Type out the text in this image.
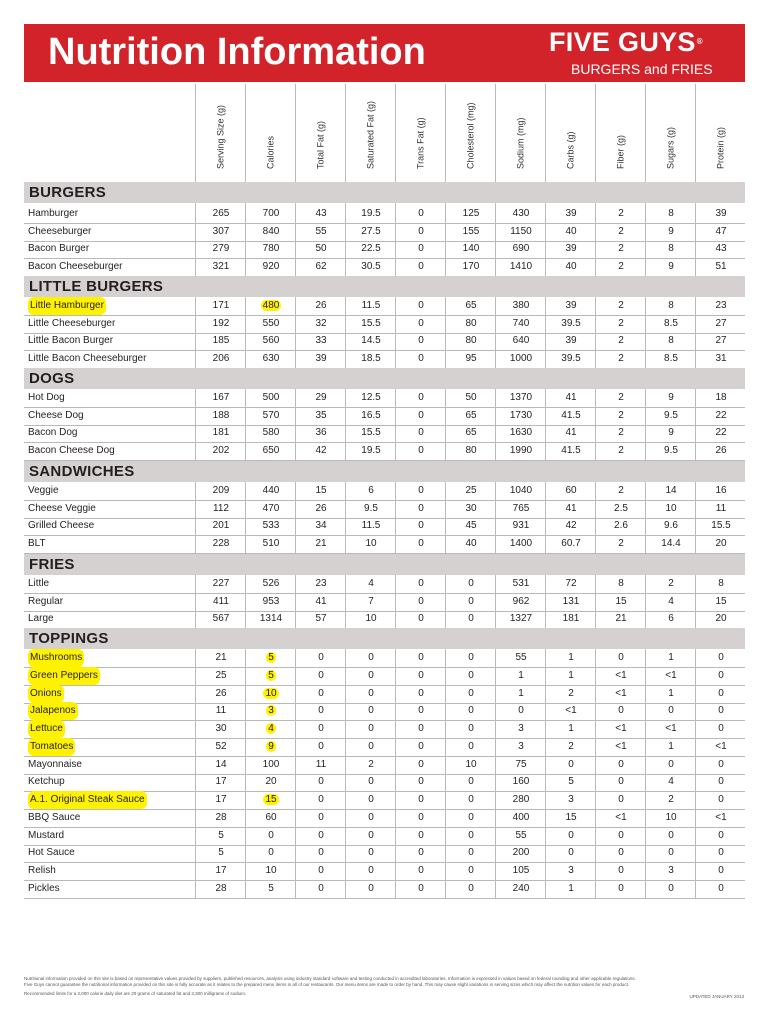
Nutrition Information	FIVE GUYS®
BURGERS and FRIES
Serving Size (g)	Calories	Total Fat (g)	Saturated Fat (g)	Trans Fat (g)	Cholesterol (mg)	Sodium (mg)	Carbs (g)	Fiber (g)	Sugars (g)	Protein (g)
BURGERS
Hamburger	265	700	43	19.5	0	125	430	39	2	8	39
Cheeseburger	307	840	55	27.5	0	155	1150	40	2	9	47
Bacon Burger	279	780	50	22.5	0	140	690	39	2	8	43
Bacon Cheeseburger	321	920	62	30.5	0	170	1410	40	2	9	51
LITTLE BURGERS
Little Hamburger	171	480	26	11.5	0	65	380	39	2	8	23
Little Cheeseburger	192	550	32	15.5	0	80	740	39.5	2	8.5	27
Little Bacon Burger	185	560	33	14.5	0	80	640	39	2	8	27
Little Bacon Cheeseburger	206	630	39	18.5	0	95	1000	39.5	2	8.5	31
DOGS
Hot Dog	167	500	29	12.5	0	50	1370	41	2	9	18
Cheese Dog	188	570	35	16.5	0	65	1730	41.5	2	9.5	22
Bacon Dog	181	580	36	15.5	0	65	1630	41	2	9	22
Bacon Cheese Dog	202	650	42	19.5	0	80	1990	41.5	2	9.5	26
SANDWICHES
Veggie	209	440	15	6	0	25	1040	60	2	14	16
Cheese Veggie	112	470	26	9.5	0	30	765	41	2.5	10	11
Grilled Cheese	201	533	34	11.5	0	45	931	42	2.6	9.6	15.5
BLT	228	510	21	10	0	40	1400	60.7	2	14.4	20
FRIES
Little	227	526	23	4	0	0	531	72	8	2	8
Regular	411	953	41	7	0	0	962	131	15	4	15
Large	567	1314	57	10	0	0	1327	181	21	6	20
TOPPINGS
Mushrooms	21	5	0	0	0	0	55	1	0	1	0
Green Peppers	25	5	0	0	0	0	1	1	<1	<1	0
Onions	26	10	0	0	0	0	1	2	<1	1	0
Jalapenos	11	3	0	0	0	0	0	<1	0	0	0
Lettuce	30	4	0	0	0	0	3	1	<1	<1	0
Tomatoes	52	9	0	0	0	0	3	2	<1	1	<1
Mayonnaise	14	100	11	2	0	10	75	0	0	0	0
Ketchup	17	20	0	0	0	0	160	5	0	4	0
A.1. Original Steak Sauce	17	15	0	0	0	0	280	3	0	2	0
BBQ Sauce	28	60	0	0	0	0	400	15	<1	10	<1
Mustard	5	0	0	0	0	0	55	0	0	0	0
Hot Sauce	5	0	0	0	0	0	200	0	0	0	0
Relish	17	10	0	0	0	0	105	3	0	3	0
Pickles	28	5	0	0	0	0	240	1	0	0	0

Nutritional information provided on this site is based on representative values provided by suppliers, published resources, analysis using industry standard software and testing conducted in accredited laboratories. Information is expressed in values based on federal rounding and other applicable regulations.

Five Guys cannot guarantee the nutritional information provided on this site is fully accurate as it relates to the prepared menu items in all of our restaurants. Our menu items are made to order by hand. This may cause slight variations in serving sizes which may affect the nutrition values for each product.

Recommended limits for a 2,000 calorie daily diet are 20 grams of saturated fat and 2,300 milligrams of sodium.

UPDATED JANUARY 2013
